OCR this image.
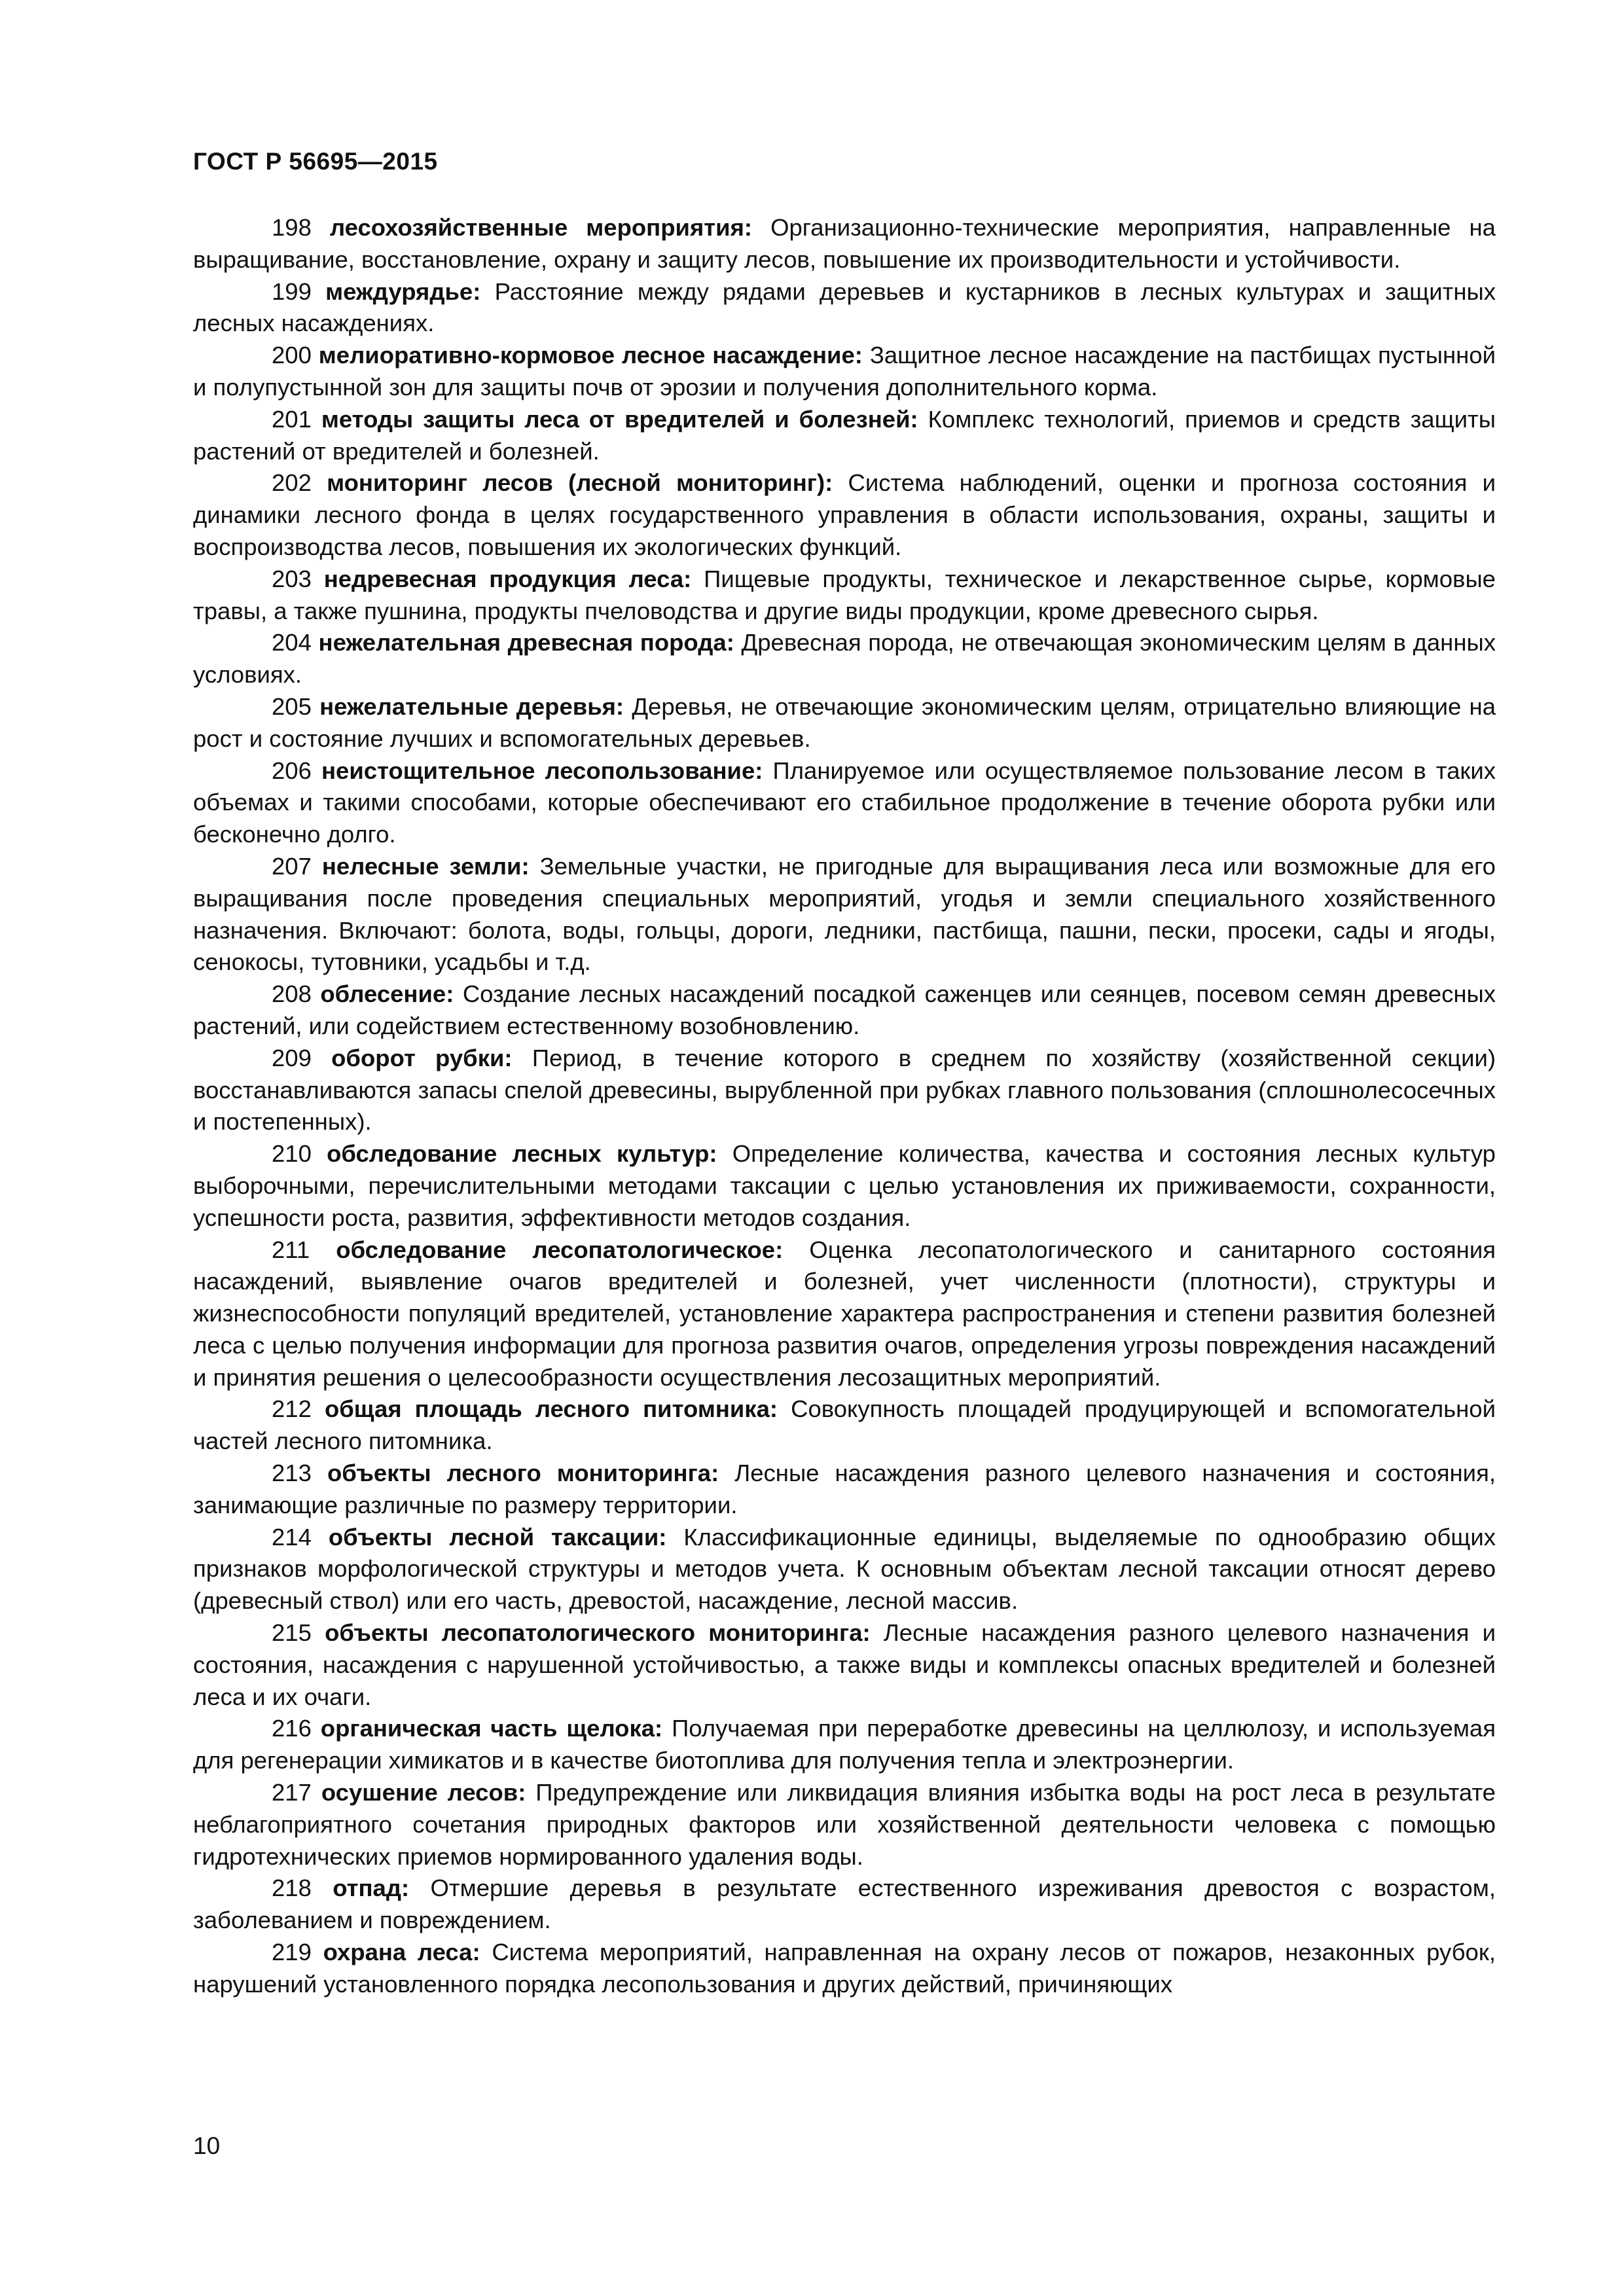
ГОСТ Р 56695—2015

198 лесохозяйственные мероприятия: Организационно-технические мероприятия, направленные на выращивание, восстановление, охрану и защиту лесов, повышение их производительности и устойчивости.

199 междурядье: Расстояние между рядами деревьев и кустарников в лесных культурах и защитных лесных насаждениях.

200 мелиоративно-кормовое лесное насаждение: Защитное лесное насаждение на пастбищах пустынной и полупустынной зон для защиты почв от эрозии и получения дополнительного корма.

201 методы защиты леса от вредителей и болезней: Комплекс технологий, приемов и средств защиты растений от вредителей и болезней.

202 мониторинг лесов (лесной мониторинг): Система наблюдений, оценки и прогноза состояния и динамики лесного фонда в целях государственного управления в области использования, охраны, защиты и воспроизводства лесов, повышения их экологических функций.

203 недревесная продукция леса: Пищевые продукты, техническое и лекарственное сырье, кормовые травы, а также пушнина, продукты пчеловодства и другие виды продукции, кроме древесного сырья.

204 нежелательная древесная порода: Древесная порода, не отвечающая экономическим целям в данных условиях.

205 нежелательные деревья: Деревья, не отвечающие экономическим целям, отрицательно влияющие на рост и состояние лучших и вспомогательных деревьев.

206 неистощительное лесопользование: Планируемое или осуществляемое пользование лесом в таких объемах и такими способами, которые обеспечивают его стабильное продолжение в течение оборота рубки или бесконечно долго.

207 нелесные земли: Земельные участки, не пригодные для выращивания леса или возможные для его выращивания после проведения специальных мероприятий, угодья и земли специального хозяйственного назначения. Включают: болота, воды, гольцы, дороги, ледники, пастбища, пашни, пески, просеки, сады и ягоды, сенокосы, тутовники, усадьбы и т.д.

208 облесение: Создание лесных насаждений посадкой саженцев или сеянцев, посевом семян древесных растений, или содействием естественному возобновлению.

209 оборот рубки: Период, в течение которого в среднем по хозяйству (хозяйственной секции) восстанавливаются запасы спелой древесины, вырубленной при рубках главного пользования (сплошнолесосечных и постепенных).

210 обследование лесных культур: Определение количества, качества и состояния лесных культур выборочными, перечислительными методами таксации с целью установления их приживаемости, сохранности, успешности роста, развития, эффективности методов создания.

211 обследование лесопатологическое: Оценка лесопатологического и санитарного состояния насаждений, выявление очагов вредителей и болезней, учет численности (плотности), структуры и жизнеспособности популяций вредителей, установление характера распространения и степени развития болезней леса с целью получения информации для прогноза развития очагов, определения угрозы повреждения насаждений и принятия решения о целесообразности осуществления лесозащитных мероприятий.

212 общая площадь лесного питомника: Совокупность площадей продуцирующей и вспомогательной частей лесного питомника.

213 объекты лесного мониторинга: Лесные насаждения разного целевого назначения и состояния, занимающие различные по размеру территории.

214 объекты лесной таксации: Классификационные единицы, выделяемые по однообразию общих признаков морфологической структуры и методов учета. К основным объектам лесной таксации относят дерево (древесный ствол) или его часть, древостой, насаждение, лесной массив.

215 объекты лесопатологического мониторинга: Лесные насаждения разного целевого назначения и состояния, насаждения с нарушенной устойчивостью, а также виды и комплексы опасных вредителей и болезней леса и их очаги.

216 органическая часть щелока: Получаемая при переработке древесины на целлюлозу, и используемая для регенерации химикатов и в качестве биотоплива для получения тепла и электроэнергии.

217 осушение лесов: Предупреждение или ликвидация влияния избытка воды на рост леса в результате неблагоприятного сочетания природных факторов или хозяйственной деятельности человека с помощью гидротехнических приемов нормированного удаления воды.

218 отпад: Отмершие деревья в результате естественного изреживания древостоя с возрастом, заболеванием и повреждением.

219 охрана леса: Система мероприятий, направленная на охрану лесов от пожаров, незаконных рубок, нарушений установленного порядка лесопользования и других действий, причиняющих

10
